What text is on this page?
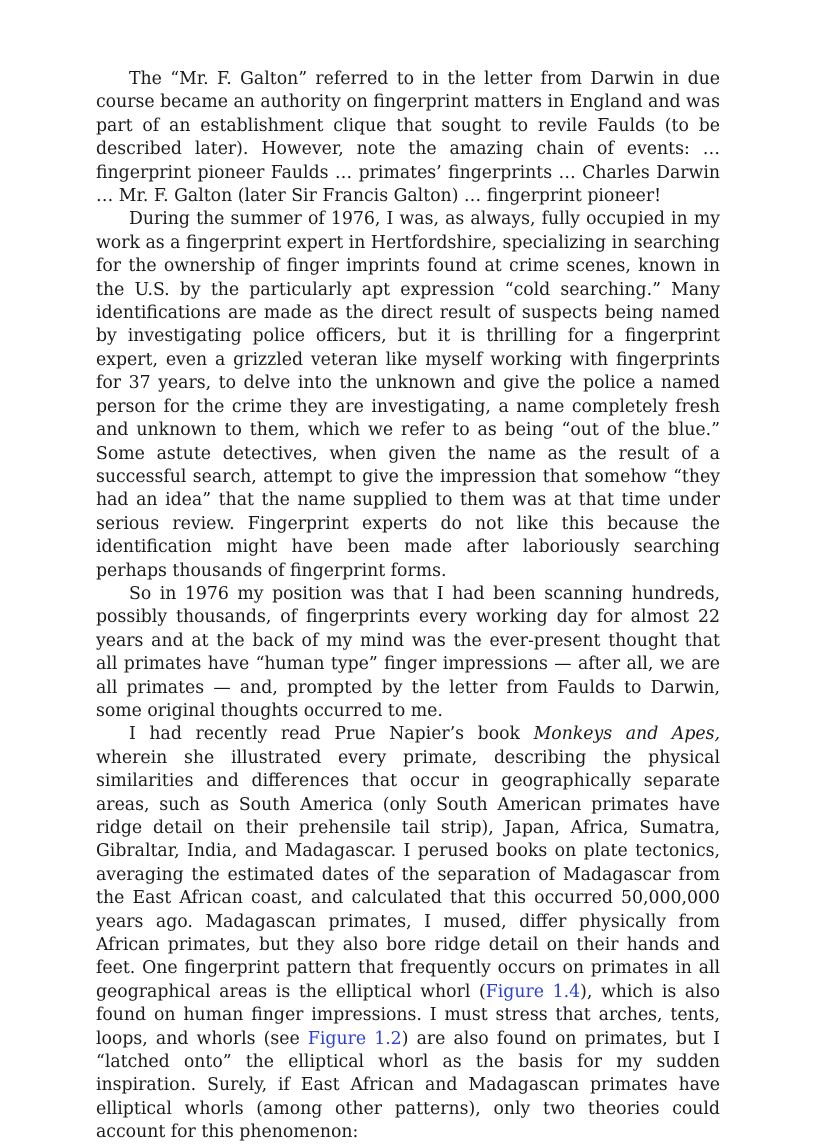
The “Mr. F. Galton” referred to in the letter from Darwin in due course became an authority on fingerprint matters in England and was part of an establishment clique that sought to revile Faulds (to be described later). However, note the amazing chain of events: … fingerprint pioneer Faulds … primates’ fingerprints … Charles Darwin … Mr. F. Galton (later Sir Francis Galton) … fingerprint pioneer!

During the summer of 1976, I was, as always, fully occupied in my work as a fingerprint expert in Hertfordshire, specializing in searching for the ownership of finger imprints found at crime scenes, known in the U.S. by the particularly apt expression “cold searching.” Many identifications are made as the direct result of suspects being named by investigating police officers, but it is thrilling for a fingerprint expert, even a grizzled veteran like myself working with fingerprints for 37 years, to delve into the unknown and give the police a named person for the crime they are investigating, a name completely fresh and unknown to them, which we refer to as being “out of the blue.” Some astute detectives, when given the name as the result of a successful search, attempt to give the impression that somehow “they had an idea” that the name supplied to them was at that time under serious review. Fingerprint experts do not like this because the identification might have been made after laboriously searching perhaps thousands of fingerprint forms.

So in 1976 my position was that I had been scanning hundreds, possibly thousands, of fingerprints every working day for almost 22 years and at the back of my mind was the ever-present thought that all primates have “human type” finger impressions — after all, we are all primates — and, prompted by the letter from Faulds to Darwin, some original thoughts occurred to me.

I had recently read Prue Napier’s book Monkeys and Apes, wherein she illustrated every primate, describing the physical similarities and differences that occur in geographically separate areas, such as South America (only South American primates have ridge detail on their prehensile tail strip), Japan, Africa, Sumatra, Gibraltar, India, and Madagascar. I perused books on plate tectonics, averaging the estimated dates of the separation of Madagascar from the East African coast, and calculated that this occurred 50,000,000 years ago. Madagascan primates, I mused, differ physically from African primates, but they also bore ridge detail on their hands and feet. One fingerprint pattern that frequently occurs on primates in all geographical areas is the elliptical whorl (Figure 1.4), which is also found on human finger impressions. I must stress that arches, tents, loops, and whorls (see Figure 1.2) are also found on primates, but I “latched onto” the elliptical whorl as the basis for my sudden inspiration. Surely, if East African and Madagascan primates have elliptical whorls (among other patterns), only two theories could account for this phenomenon:
